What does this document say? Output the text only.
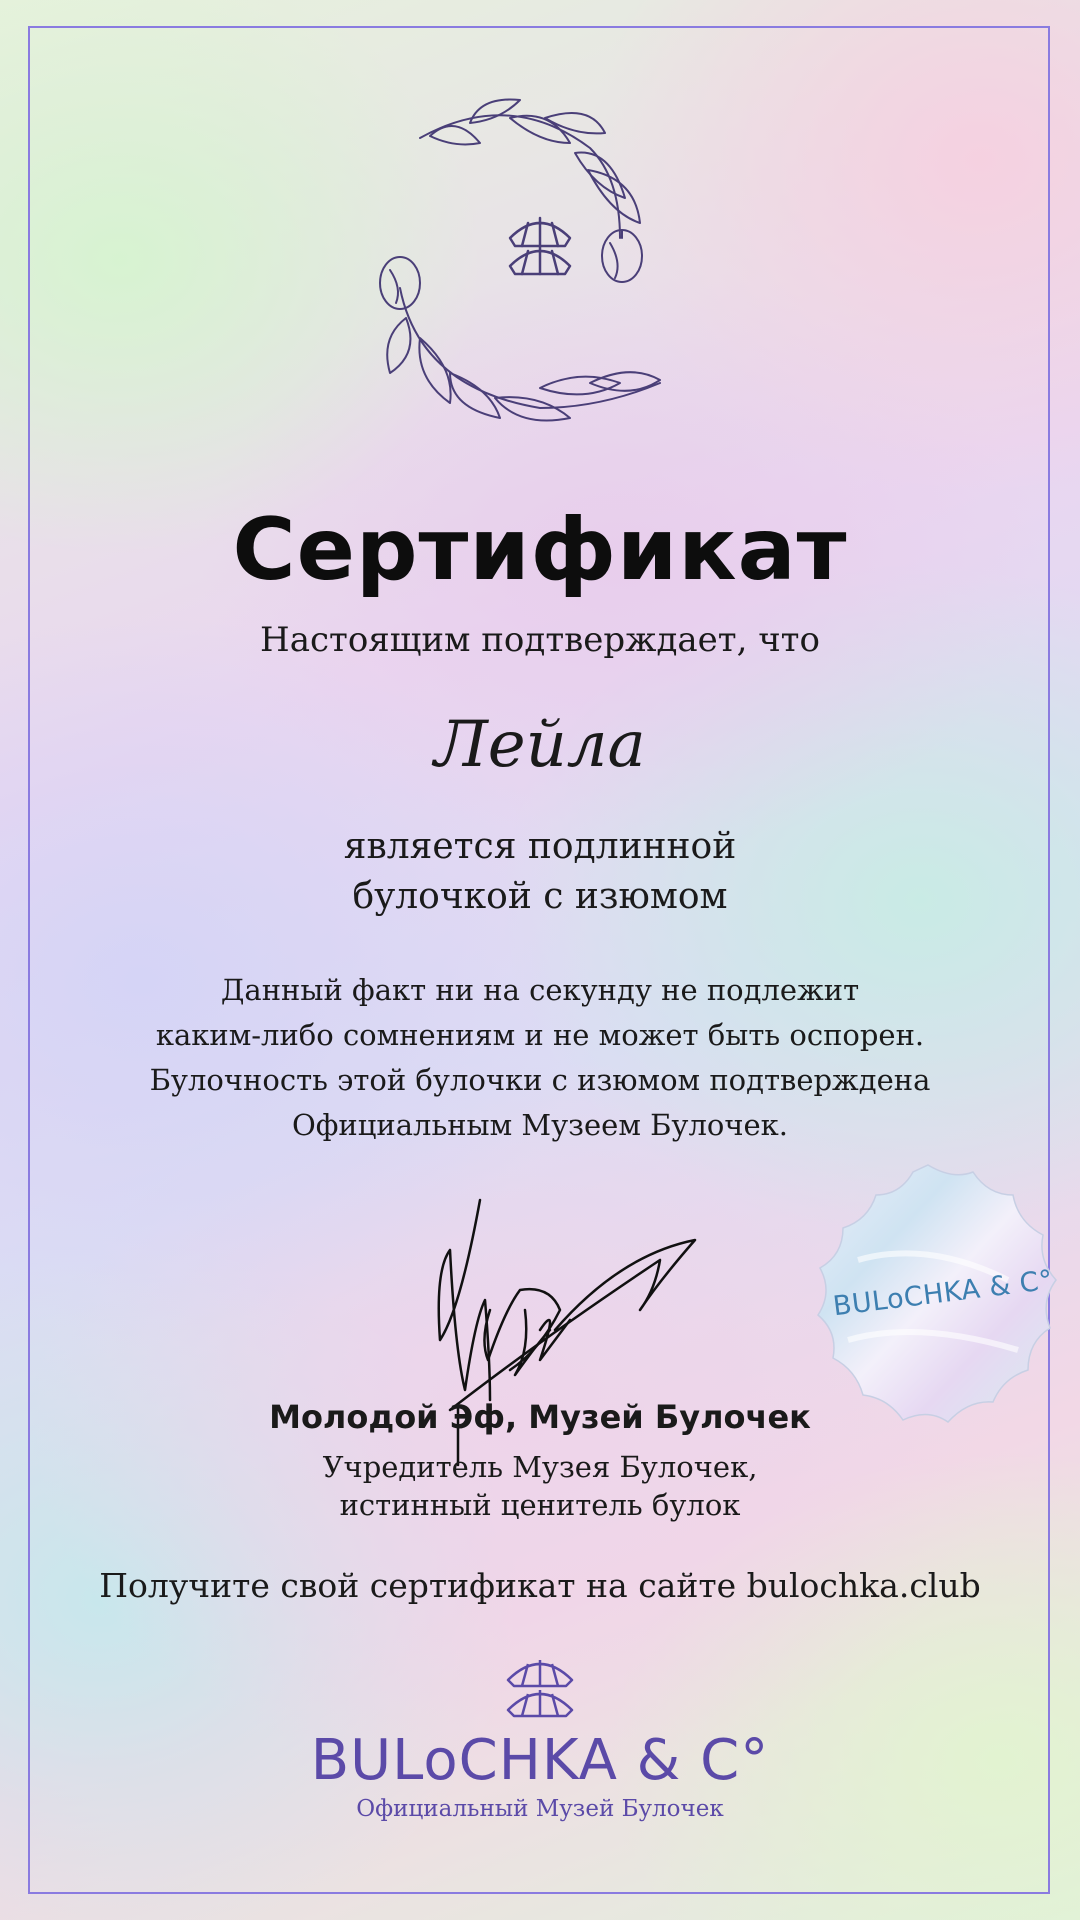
Сертификат
Настоящим подтверждает, что
Лейла
является подлинной
булочкой с изюмом
Данный факт ни на секунду не подлежит
каким-либо сомнениям и не может быть оспорен.
Булочность этой булочки с изюмом подтверждена
Официальным Музеем Булочек.
BULoCHKA & C°
Молодой Эф, Музей Булочек
Учредитель Музея Булочек,
истинный ценитель булок
Получите свой сертификат на сайте bulochka.club
BULoCHKA & C°
Официальный Музей Булочек
